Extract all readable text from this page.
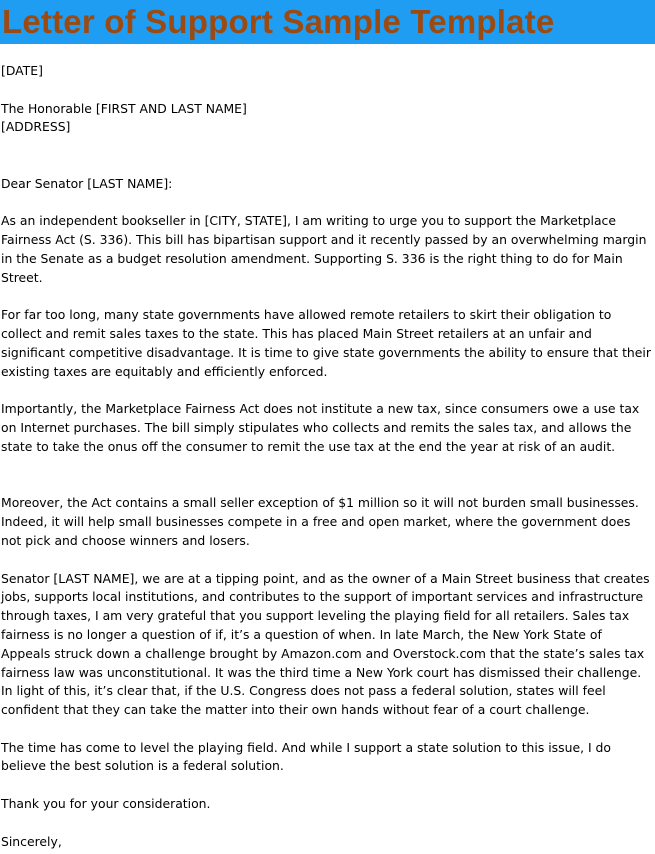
Letter of Support Sample Template
[DATE]
The Honorable [FIRST AND LAST NAME]
[ADDRESS]
Dear Senator [LAST NAME]:
As an independent bookseller in [CITY, STATE], I am writing to urge you to support the Marketplace
Fairness Act (S. 336). This bill has bipartisan support and it recently passed by an overwhelming margin
in the Senate as a budget resolution amendment. Supporting S. 336 is the right thing to do for Main
Street.
For far too long, many state governments have allowed remote retailers to skirt their obligation to
collect and remit sales taxes to the state. This has placed Main Street retailers at an unfair and
significant competitive disadvantage. It is time to give state governments the ability to ensure that their
existing taxes are equitably and efficiently enforced.
Importantly, the Marketplace Fairness Act does not institute a new tax, since consumers owe a use tax
on Internet purchases. The bill simply stipulates who collects and remits the sales tax, and allows the
state to take the onus off the consumer to remit the use tax at the end the year at risk of an audit.
Moreover, the Act contains a small seller exception of $1 million so it will not burden small businesses.
Indeed, it will help small businesses compete in a free and open market, where the government does
not pick and choose winners and losers.
Senator [LAST NAME], we are at a tipping point, and as the owner of a Main Street business that creates
jobs, supports local institutions, and contributes to the support of important services and infrastructure
through taxes, I am very grateful that you support leveling the playing field for all retailers. Sales tax
fairness is no longer a question of if, it’s a question of when. In late March, the New York State of
Appeals struck down a challenge brought by Amazon.com and Overstock.com that the state’s sales tax
fairness law was unconstitutional. It was the third time a New York court has dismissed their challenge.
In light of this, it’s clear that, if the U.S. Congress does not pass a federal solution, states will feel
confident that they can take the matter into their own hands without fear of a court challenge.
The time has come to level the playing field. And while I support a state solution to this issue, I do
believe the best solution is a federal solution.
Thank you for your consideration.
Sincerely,
